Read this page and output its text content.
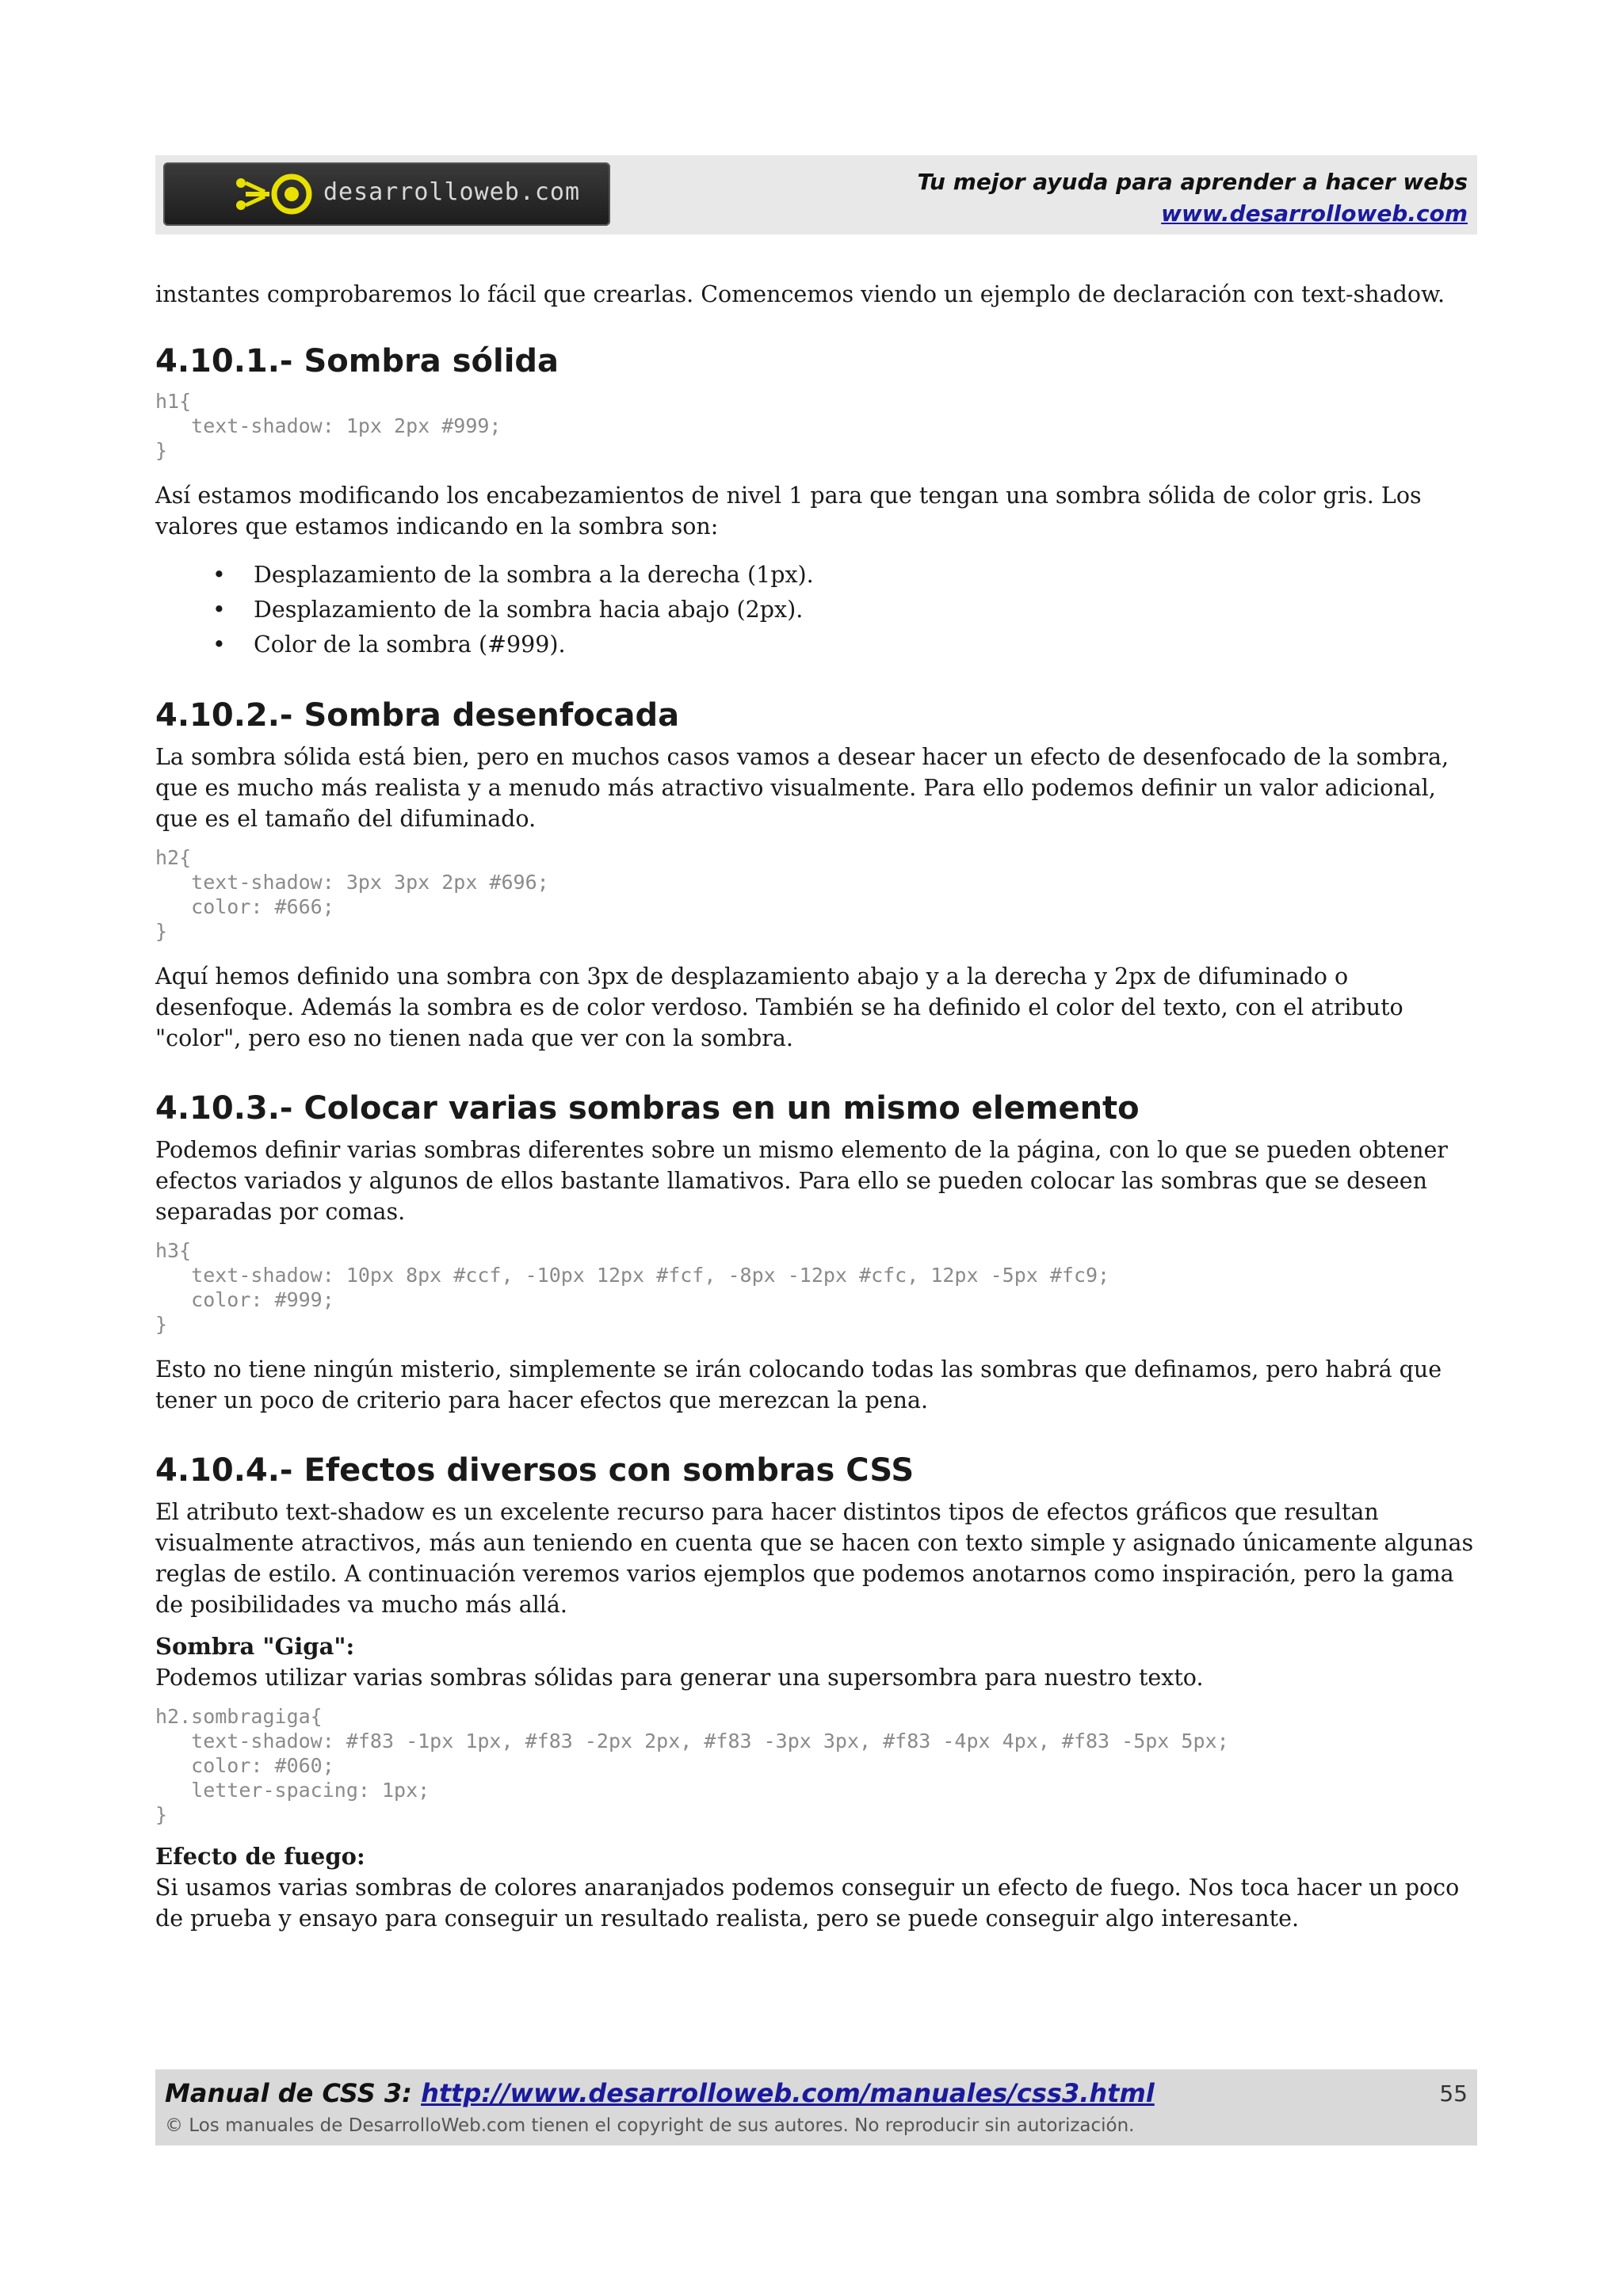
desarrolloweb.com	Tu mejor ayuda para aprender a hacer webs
www.desarrolloweb.com

instantes comprobaremos lo fácil que crearlas. Comencemos viendo un ejemplo de declaración con text-shadow.

4.10.1.- Sombra sólida
h1{
text-shadow: 1px 2px #999;
}

Así estamos modificando los encabezamientos de nivel 1 para que tengan una sombra sólida de color gris. Los valores que estamos indicando en la sombra son:

• Desplazamiento de la sombra a la derecha (1px).
• Desplazamiento de la sombra hacia abajo (2px).
• Color de la sombra (#999).
4.10.2.- Sombra desenfocada

La sombra sólida está bien, pero en muchos casos vamos a desear hacer un efecto de desenfocado de la sombra, que es mucho más realista y a menudo más atractivo visualmente. Para ello podemos definir un valor adicional, que es el tamaño del difuminado.

h2{
text-shadow: 3px 3px 2px #696;
color: #666;
}

Aquí hemos definido una sombra con 3px de desplazamiento abajo y a la derecha y 2px de difuminado o desenfoque. Además la sombra es de color verdoso. También se ha definido el color del texto, con el atributo "color", pero eso no tienen nada que ver con la sombra.

4.10.3.- Colocar varias sombras en un mismo elemento

Podemos definir varias sombras diferentes sobre un mismo elemento de la página, con lo que se pueden obtener efectos variados y algunos de ellos bastante llamativos. Para ello se pueden colocar las sombras que se deseen separadas por comas.

h3{
text-shadow: 10px 8px #ccf, -10px 12px #fcf, -8px -12px #cfc, 12px -5px #fc9;
color: #999;
}

Esto no tiene ningún misterio, simplemente se irán colocando todas las sombras que definamos, pero habrá que tener un poco de criterio para hacer efectos que merezcan la pena.

4.10.4.- Efectos diversos con sombras CSS

El atributo text-shadow es un excelente recurso para hacer distintos tipos de efectos gráficos que resultan visualmente atractivos, más aun teniendo en cuenta que se hacen con texto simple y asignado únicamente algunas reglas de estilo. A continuación veremos varios ejemplos que podemos anotarnos como inspiración, pero la gama de posibilidades va mucho más allá.

Sombra "Giga":

Podemos utilizar varias sombras sólidas para generar una supersombra para nuestro texto.

h2.sombragiga{
text-shadow: #f83 -1px 1px, #f83 -2px 2px, #f83 -3px 3px, #f83 -4px 4px, #f83 -5px 5px;
color: #060;
letter-spacing: 1px;
}

Efecto de fuego:

Si usamos varias sombras de colores anaranjados podemos conseguir un efecto de fuego. Nos toca hacer un poco de prueba y ensayo para conseguir un resultado realista, pero se puede conseguir algo interesante.

Manual de CSS 3: http://www.desarrolloweb.com/manuales/css3.html
© Los manuales de DesarrolloWeb.com tienen el copyright de sus autores. No reproducir sin autorización.
55
